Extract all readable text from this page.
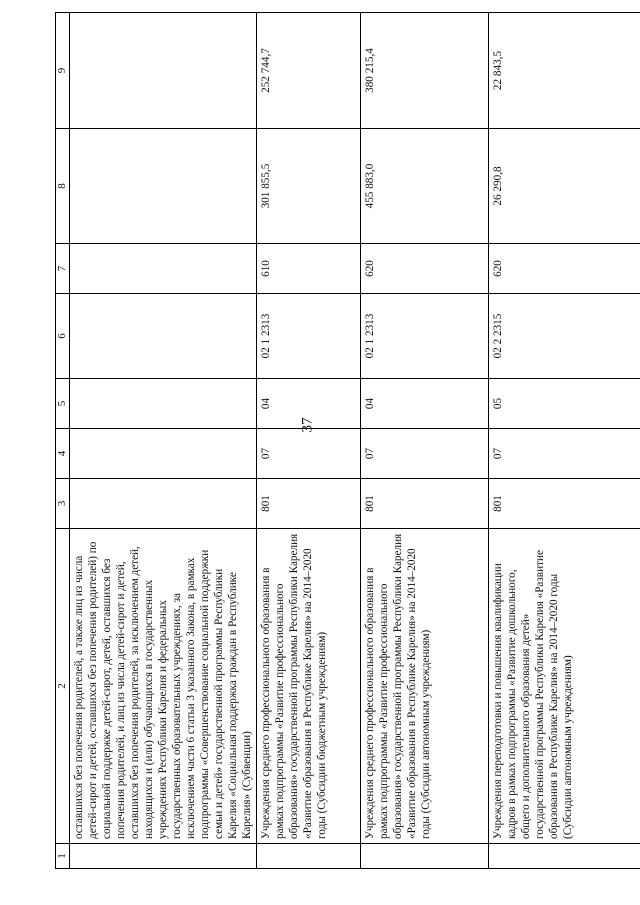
37
1	2	3	4	5	6	7	8	9
	оставшихся без попечения родителей, а также лиц из числа детей-сирот и детей, оставшихся без попечения родителей) по социальной поддержке детей-сирот, детей, оставшихся без попечения родителей, и лиц из числа детей-сирот и детей, оставшихся без попечения родителей, за исключением детей, находящихся и (или) обучающихся в государственных учреждениях Республики Карелия и федеральных государственных образовательных учреждениях, за исключением части 6 статьи 3 указанного Закона, в рамках подпрограммы «Совершенствование социальной поддержки семьи и детей» государственной программы Республики Карелия «Социальная поддержка граждан в Республике Карелия» (Субвенции)							
	Учреждения среднего профессионального образования в рамках подпрограммы «Развитие профессионального образования» государственной программы Республики Карелия «Развитие образования в Республике Карелия» на 2014–2020 годы (Субсидии бюджетным учреждениям)	801	07	04	02 1 2313	610	301 855,5	252 744,7
	Учреждения среднего профессионального образования в рамках подпрограммы «Развитие профессионального образования» государственной программы Республики Карелия «Развитие образования в Республике Карелия» на 2014–2020 годы (Субсидии автономным учреждениям)	801	07	04	02 1 2313	620	455 883,0	380 215,4
	Учреждения переподготовки и повышения квалификации кадров в рамках подпрограммы «Развитие дошкольного, общего и дополнительного образования детей» государственной программы Республики Карелия «Развитие образования в Республике Карелия» на 2014–2020 годы (Субсидии автономным учреждениям)	801	07	05	02 2 2315	620	26 290,8	22 843,5
